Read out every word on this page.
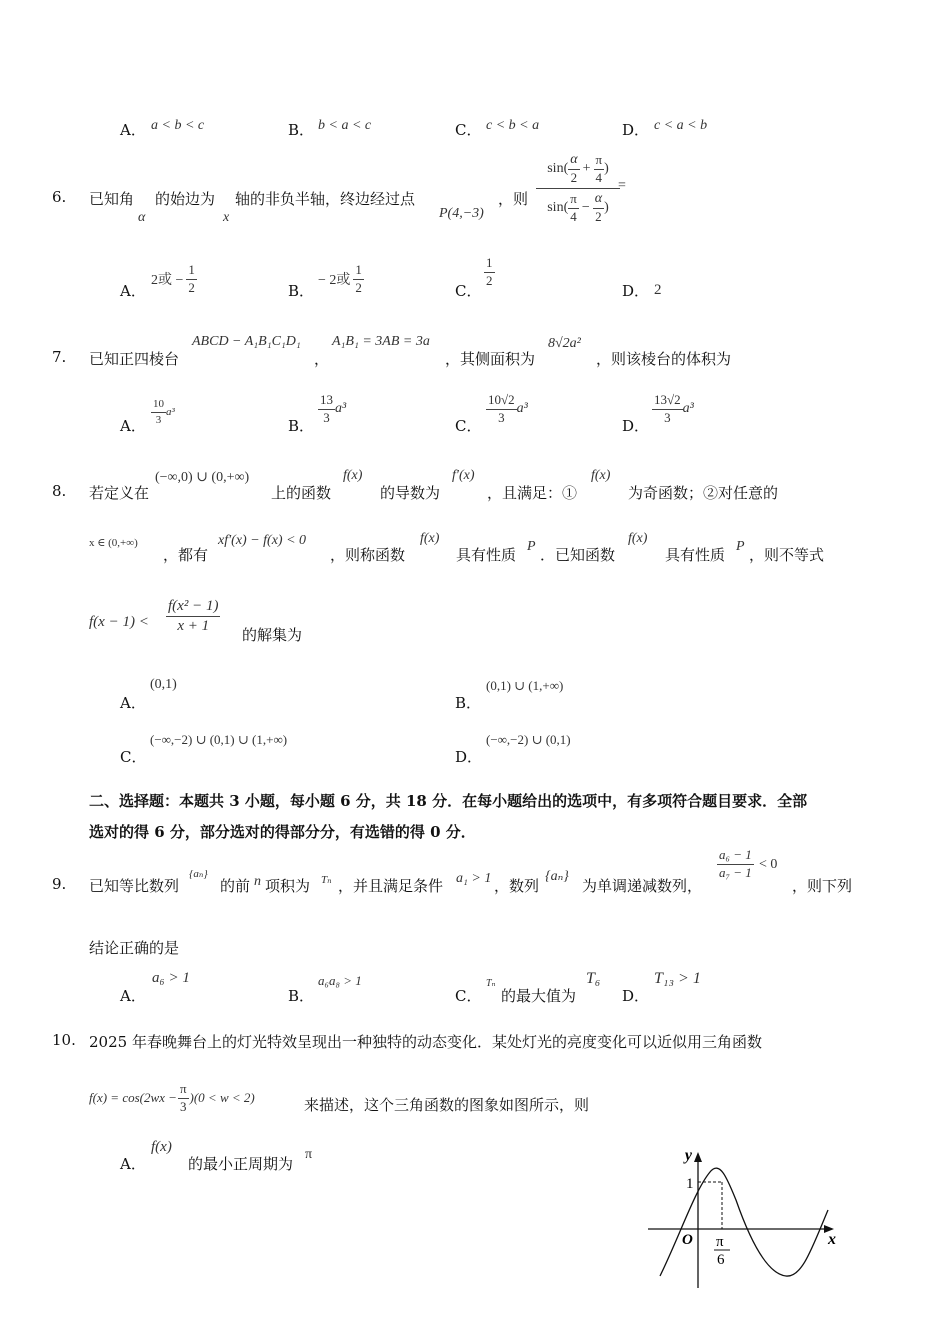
A． a < b < c	B． b < a < c	C． c < b < a	D． c < a < b
6. 已知角
α
的始边为
x
轴的非负半轴，终边经过点
P(4,−3)
，则 $\frac{\sin( \frac{\alpha}{2} + \frac{\pi}{4} )}{\sin( \frac{\pi}{4} - \frac{\alpha}{2} )}$
=
A．
2或 − $\frac{1}{2}$	B．
− 2或 $\frac{1}{2}$	C．
$\frac{1}{2}$
D． 2
7. 已知正四棱台
ABCD − A₁B₁C₁D₁
，
A₁B₁ = 3AB = 3a
，其侧面积为
8√2a²
，则该棱台的体积为
A． $\frac{10}{3} a^3$
B．
$\frac{13}{3} a^3$
C．
$\frac{10√2}{3} a^3$
D．
$\frac{13√2}{3} a^3$
8. 若定义在
(−∞,0) ∪ (0,+∞)
上的函数
f(x)
的导数为
f′(x)
，且满足：①
f(x)
为奇函数；②对任意的
x ∈ (0,+∞)
，都有
xf′(x) − f(x) < 0
，则称函数
f(x)
具有性质 P ．已知函数
f(x)
具有性质 P ，则不等式
$f(x - 1) < \frac{\text{f(x² − 1)}}{x + 1}$ 的解集为
A．
(0,1)
B．
(0,1) ∪ (1,+∞)
C．
(−∞,−2) ∪ (0,1) ∪ (1,+∞)
D．
(−∞,−2) ∪ (0,1)
二、选择题：本题共 3 小题，每小题 6 分，共 18 分．在每小题给出的选项中，有多项符合题目要求．全部
选对的得 6 分，部分选对的得部分分，有选错的得 0 分．
9. 已知等比数列
{aₙ}
的前 n 项积为 Tₙ ，并且满足条件 a₁ > 1 ，数列
{aₙ}
为单调递减数列，
$\frac{\text{a₆ − 1}}{\text{a₇ − 1}} < 0$
，则下列
结论正确的是
A．
a₆ > 1
B．
a₆a₈ > 1
C．
Tₙ
的最大值为
T₆
D．
T₁₃ > 1
10. 2025 年春晚舞台上的灯光特效呈现出一种独特的动态变化．某处灯光的亮度变化可以近似用三角函数
$f(x) = \cos(2wx - \frac{\pi}{3} )(0 < w < 2)$	来描述，这个三角函数的图象如图所示，则
A．
f(x)
的最小正周期为
π	y
x
O
1
π
6
